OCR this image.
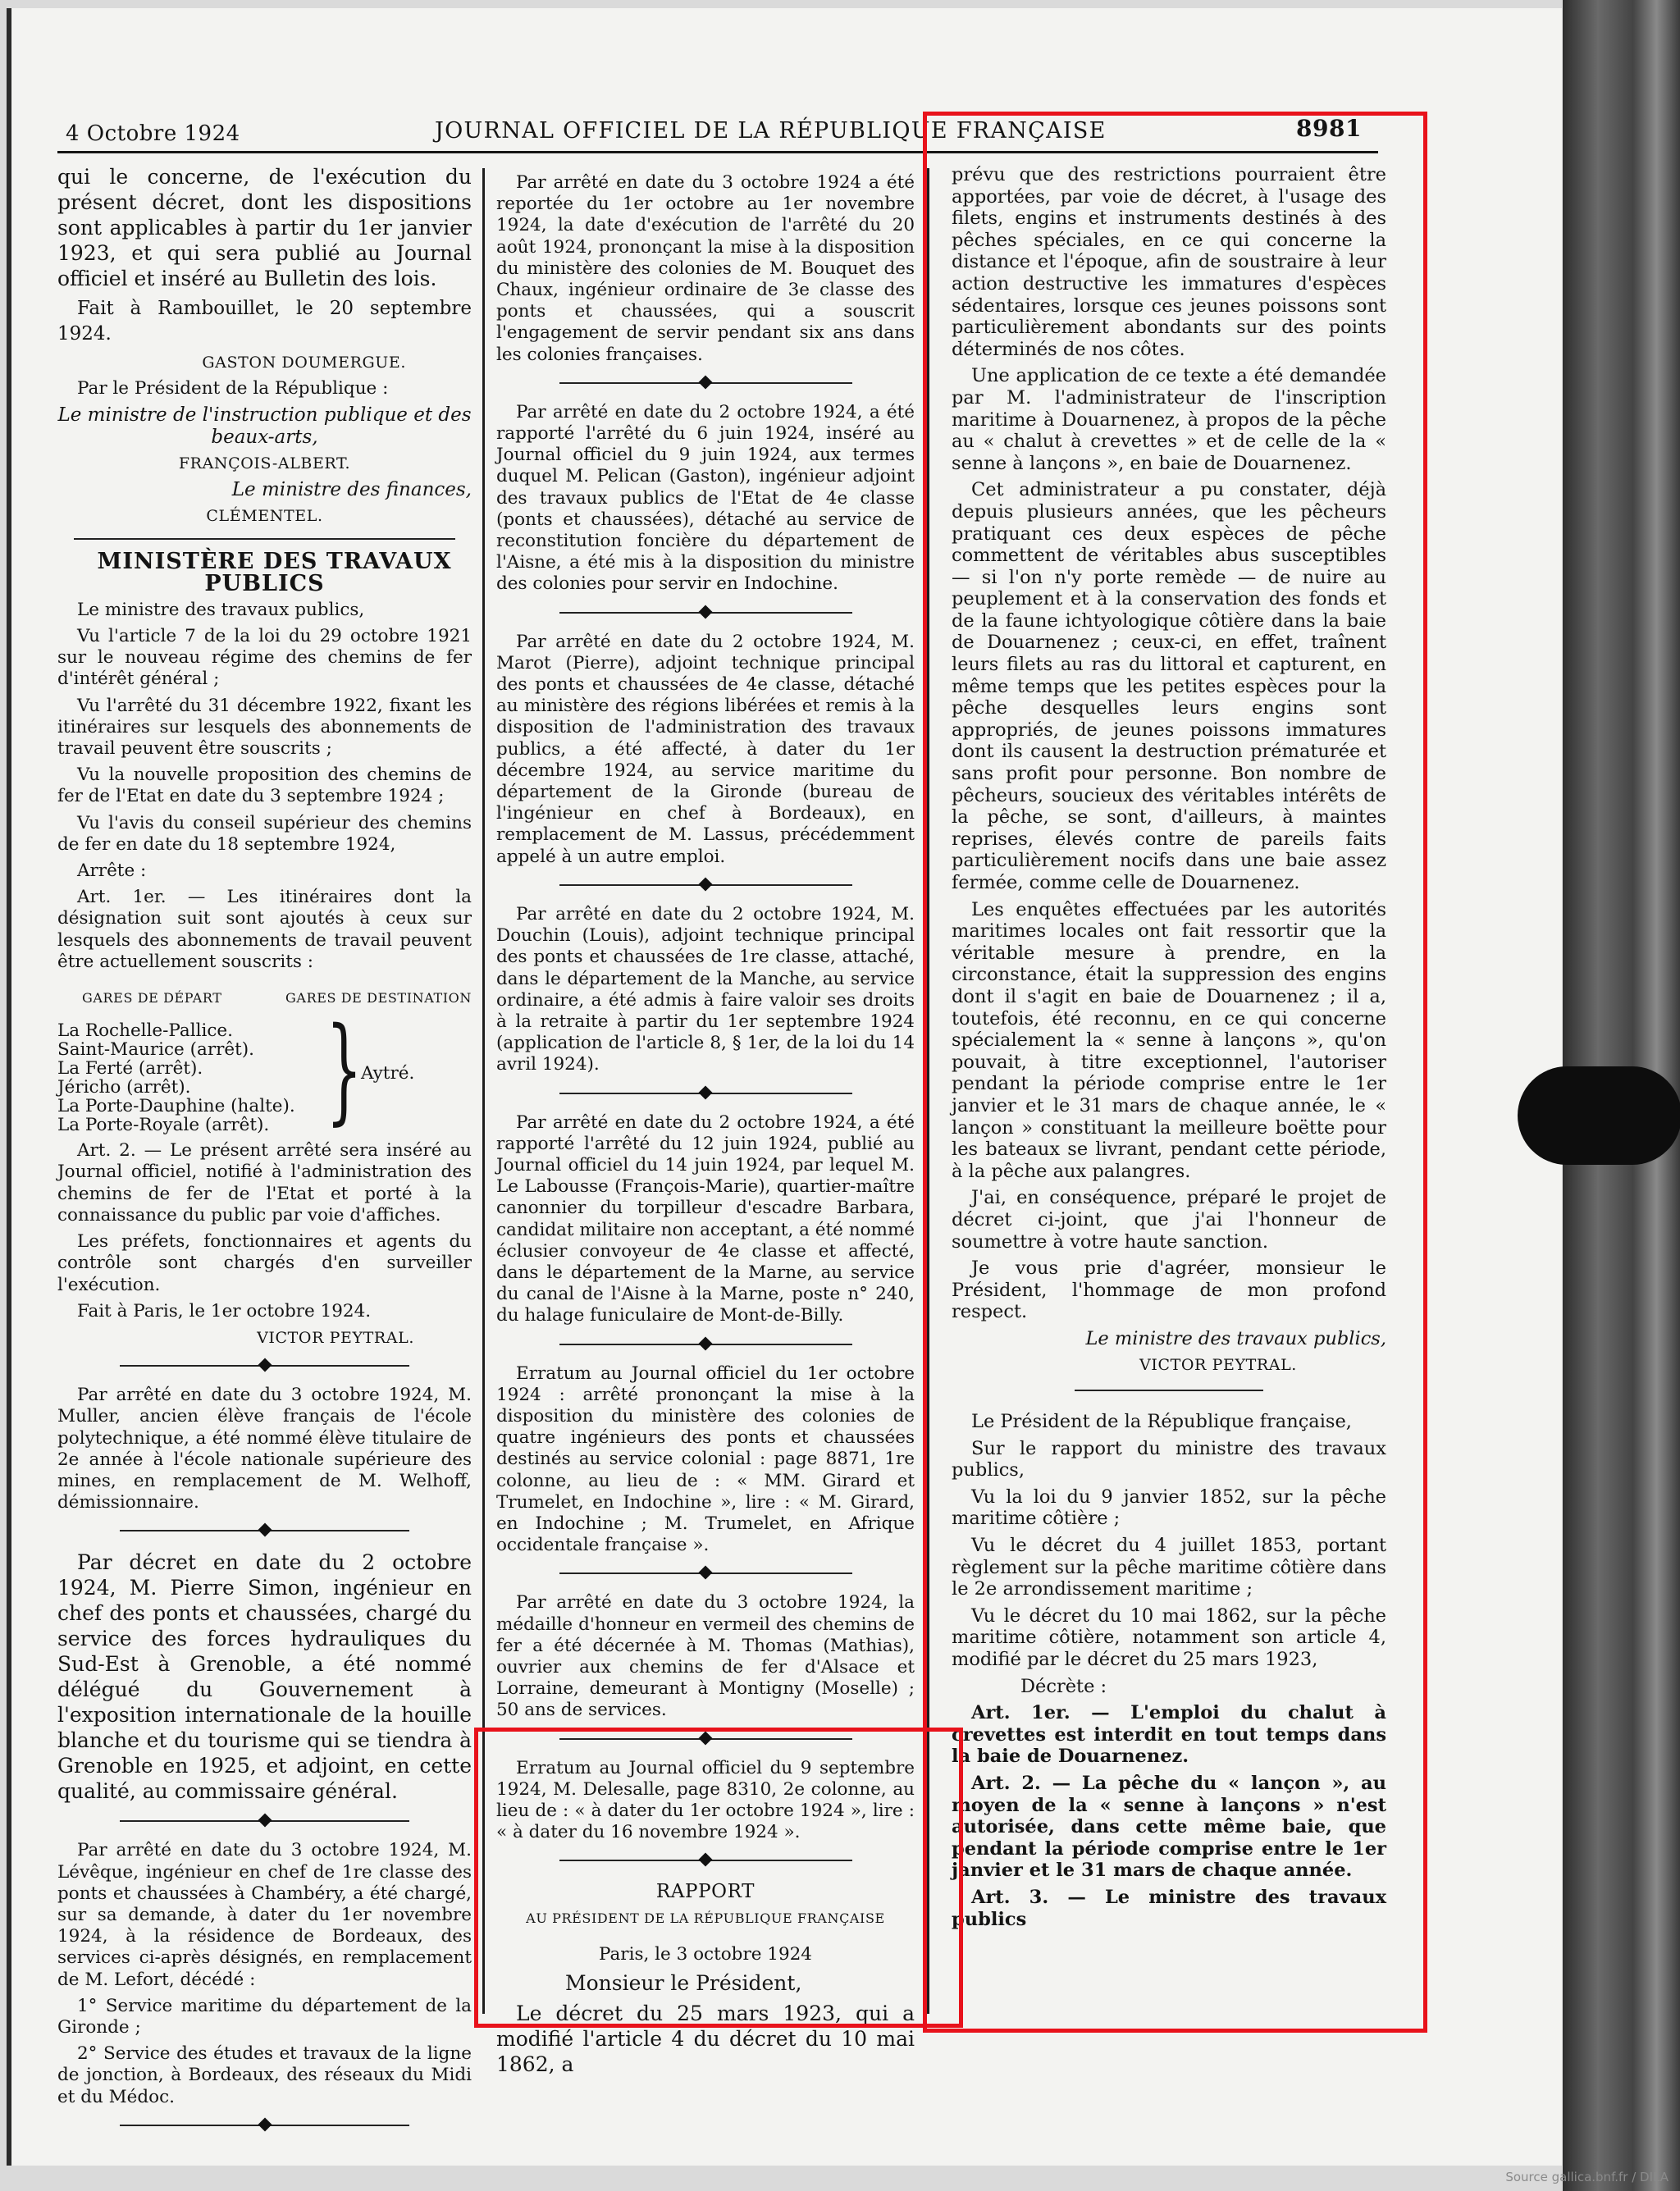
4 Octobre 1924	JOURNAL OFFICIEL DE LA RÉPUBLIQUE FRANÇAISE	8981

qui le concerne, de l'exécution du présent décret, dont les dispositions sont applicables à partir du 1er janvier 1923, et qui sera publié au Journal officiel et inséré au Bulletin des lois.

Fait à Rambouillet, le 20 septembre 1924.

GASTON DOUMERGUE.

Par le Président de la République :

Le ministre de l'instruction publique et des beaux-arts,

FRANÇOIS-ALBERT.

Le ministre des finances,

CLÉMENTEL.

MINISTÈRE DES TRAVAUX PUBLICS

Le ministre des travaux publics,

Vu l'article 7 de la loi du 29 octobre 1921 sur le nouveau régime des chemins de fer d'intérêt général ;

Vu l'arrêté du 31 décembre 1922, fixant les itinéraires sur lesquels des abonnements de travail peuvent être souscrits ;

Vu la nouvelle proposition des chemins de fer de l'Etat en date du 3 septembre 1924 ;

Vu l'avis du conseil supérieur des chemins de fer en date du 18 septembre 1924,

Arrête :

Art. 1er. — Les itinéraires dont la désignation suit sont ajoutés à ceux sur lesquels des abonnements de travail peuvent être actuellement souscrits :

GARES DE DÉPART	GARES DE DESTINATION
La Rochelle-Pallice.
Saint-Maurice (arrêt).
La Ferté (arrêt).
Jéricho (arrêt).
La Porte-Dauphine (halte).
La Porte-Royale (arrêt). }
Aytré.

Art. 2. — Le présent arrêté sera inséré au Journal officiel, notifié à l'administration des chemins de fer de l'Etat et porté à la connaissance du public par voie d'affiches.

Les préfets, fonctionnaires et agents du contrôle sont chargés d'en surveiller l'exécution.

Fait à Paris, le 1er octobre 1924.

VICTOR PEYTRAL.

Par arrêté en date du 3 octobre 1924, M. Muller, ancien élève français de l'école polytechnique, a été nommé élève titulaire de 2e année à l'école nationale supérieure des mines, en remplacement de M. Welhoff, démissionnaire.

Par décret en date du 2 octobre 1924, M. Pierre Simon, ingénieur en chef des ponts et chaussées, chargé du service des forces hydrauliques du Sud-Est à Grenoble, a été nommé délégué du Gouvernement à l'exposition internationale de la houille blanche et du tourisme qui se tiendra à Grenoble en 1925, et adjoint, en cette qualité, au commissaire général.

Par arrêté en date du 3 octobre 1924, M. Lévêque, ingénieur en chef de 1re classe des ponts et chaussées à Chambéry, a été chargé, sur sa demande, à dater du 1er novembre 1924, à la résidence de Bordeaux, des services ci-après désignés, en remplacement de M. Lefort, décédé :

1° Service maritime du département de la Gironde ;

2° Service des études et travaux de la ligne de jonction, à Bordeaux, des réseaux du Midi et du Médoc.

Par arrêté en date du 3 octobre 1924 a été reportée du 1er octobre au 1er novembre 1924, la date d'exécution de l'arrêté du 20 août 1924, prononçant la mise à la disposition du ministère des colonies de M. Bouquet des Chaux, ingénieur ordinaire de 3e classe des ponts et chaussées, qui a souscrit l'engagement de servir pendant six ans dans les colonies françaises.

Par arrêté en date du 2 octobre 1924, a été rapporté l'arrêté du 6 juin 1924, inséré au Journal officiel du 9 juin 1924, aux termes duquel M. Pelican (Gaston), ingénieur adjoint des travaux publics de l'Etat de 4e classe (ponts et chaussées), détaché au service de reconstitution foncière du département de l'Aisne, a été mis à la disposition du ministre des colonies pour servir en Indochine.

Par arrêté en date du 2 octobre 1924, M. Marot (Pierre), adjoint technique principal des ponts et chaussées de 4e classe, détaché au ministère des régions libérées et remis à la disposition de l'administration des travaux publics, a été affecté, à dater du 1er décembre 1924, au service maritime du département de la Gironde (bureau de l'ingénieur en chef à Bordeaux), en remplacement de M. Lassus, précédemment appelé à un autre emploi.

Par arrêté en date du 2 octobre 1924, M. Douchin (Louis), adjoint technique principal des ponts et chaussées de 1re classe, attaché, dans le département de la Manche, au service ordinaire, a été admis à faire valoir ses droits à la retraite à partir du 1er septembre 1924 (application de l'article 8, § 1er, de la loi du 14 avril 1924).

Par arrêté en date du 2 octobre 1924, a été rapporté l'arrêté du 12 juin 1924, publié au Journal officiel du 14 juin 1924, par lequel M. Le Labousse (François-Marie), quartier-maître canonnier du torpilleur d'escadre Barbara, candidat militaire non acceptant, a été nommé éclusier convoyeur de 4e classe et affecté, dans le département de la Marne, au service du canal de l'Aisne à la Marne, poste n° 240, du halage funiculaire de Mont-de-Billy.

Erratum au Journal officiel du 1er octobre 1924 : arrêté prononçant la mise à la disposition du ministère des colonies de quatre ingénieurs des ponts et chaussées destinés au service colonial : page 8871, 1re colonne, au lieu de : « MM. Girard et Trumelet, en Indochine », lire : « M. Girard, en Indochine ; M. Trumelet, en Afrique occidentale française ».

Par arrêté en date du 3 octobre 1924, la médaille d'honneur en vermeil des chemins de fer a été décernée à M. Thomas (Mathias), ouvrier aux chemins de fer d'Alsace et Lorraine, demeurant à Montigny (Moselle) ; 50 ans de services.

Erratum au Journal officiel du 9 septembre 1924, M. Delesalle, page 8310, 2e colonne, au lieu de : « à dater du 1er octobre 1924 », lire : « à dater du 16 novembre 1924 ».

RAPPORT

AU PRÉSIDENT DE LA RÉPUBLIQUE FRANÇAISE

Paris, le 3 octobre 1924

Monsieur le Président,

Le décret du 25 mars 1923, qui a modifié l'article 4 du décret du 10 mai 1862, a

prévu que des restrictions pourraient être apportées, par voie de décret, à l'usage des filets, engins et instruments destinés à des pêches spéciales, en ce qui concerne la distance et l'époque, afin de soustraire à leur action destructive les immatures d'espèces sédentaires, lorsque ces jeunes poissons sont particulièrement abondants sur des points déterminés de nos côtes.

Une application de ce texte a été demandée par M. l'administrateur de l'inscription maritime à Douarnenez, à propos de la pêche au « chalut à crevettes » et de celle de la « senne à lançons », en baie de Douarnenez.

Cet administrateur a pu constater, déjà depuis plusieurs années, que les pêcheurs pratiquant ces deux espèces de pêche commettent de véritables abus susceptibles — si l'on n'y porte remède — de nuire au peuplement et à la conservation des fonds et de la faune ichtyologique côtière dans la baie de Douarnenez ; ceux-ci, en effet, traînent leurs filets au ras du littoral et capturent, en même temps que les petites espèces pour la pêche desquelles leurs engins sont appropriés, de jeunes poissons immatures dont ils causent la destruction prématurée et sans profit pour personne. Bon nombre de pêcheurs, soucieux des véritables intérêts de la pêche, se sont, d'ailleurs, à maintes reprises, élevés contre de pareils faits particulièrement nocifs dans une baie assez fermée, comme celle de Douarnenez.

Les enquêtes effectuées par les autorités maritimes locales ont fait ressortir que la véritable mesure à prendre, en la circonstance, était la suppression des engins dont il s'agit en baie de Douarnenez ; il a, toutefois, été reconnu, en ce qui concerne spécialement la « senne à lançons », qu'on pouvait, à titre exceptionnel, l'autoriser pendant la période comprise entre le 1er janvier et le 31 mars de chaque année, le « lançon » constituant la meilleure boëtte pour les bateaux se livrant, pendant cette période, à la pêche aux palangres.

J'ai, en conséquence, préparé le projet de décret ci-joint, que j'ai l'honneur de soumettre à votre haute sanction.

Je vous prie d'agréer, monsieur le Président, l'hommage de mon profond respect.

Le ministre des travaux publics,

VICTOR PEYTRAL.

Le Président de la République française,

Sur le rapport du ministre des travaux publics,

Vu la loi du 9 janvier 1852, sur la pêche maritime côtière ;

Vu le décret du 4 juillet 1853, portant règlement sur la pêche maritime côtière dans le 2e arrondissement maritime ;

Vu le décret du 10 mai 1862, sur la pêche maritime côtière, notamment son article 4, modifié par le décret du 25 mars 1923,

Décrète :

Art. 1er. — L'emploi du chalut à crevettes est interdit en tout temps dans la baie de Douarnenez.

Art. 2. — La pêche du « lançon », au moyen de la « senne à lançons » n'est autorisée, dans cette même baie, que pendant la période comprise entre le 1er janvier et le 31 mars de chaque année.

Art. 3. — Le ministre des travaux publics

Source gallica.bnf.fr / DILA
